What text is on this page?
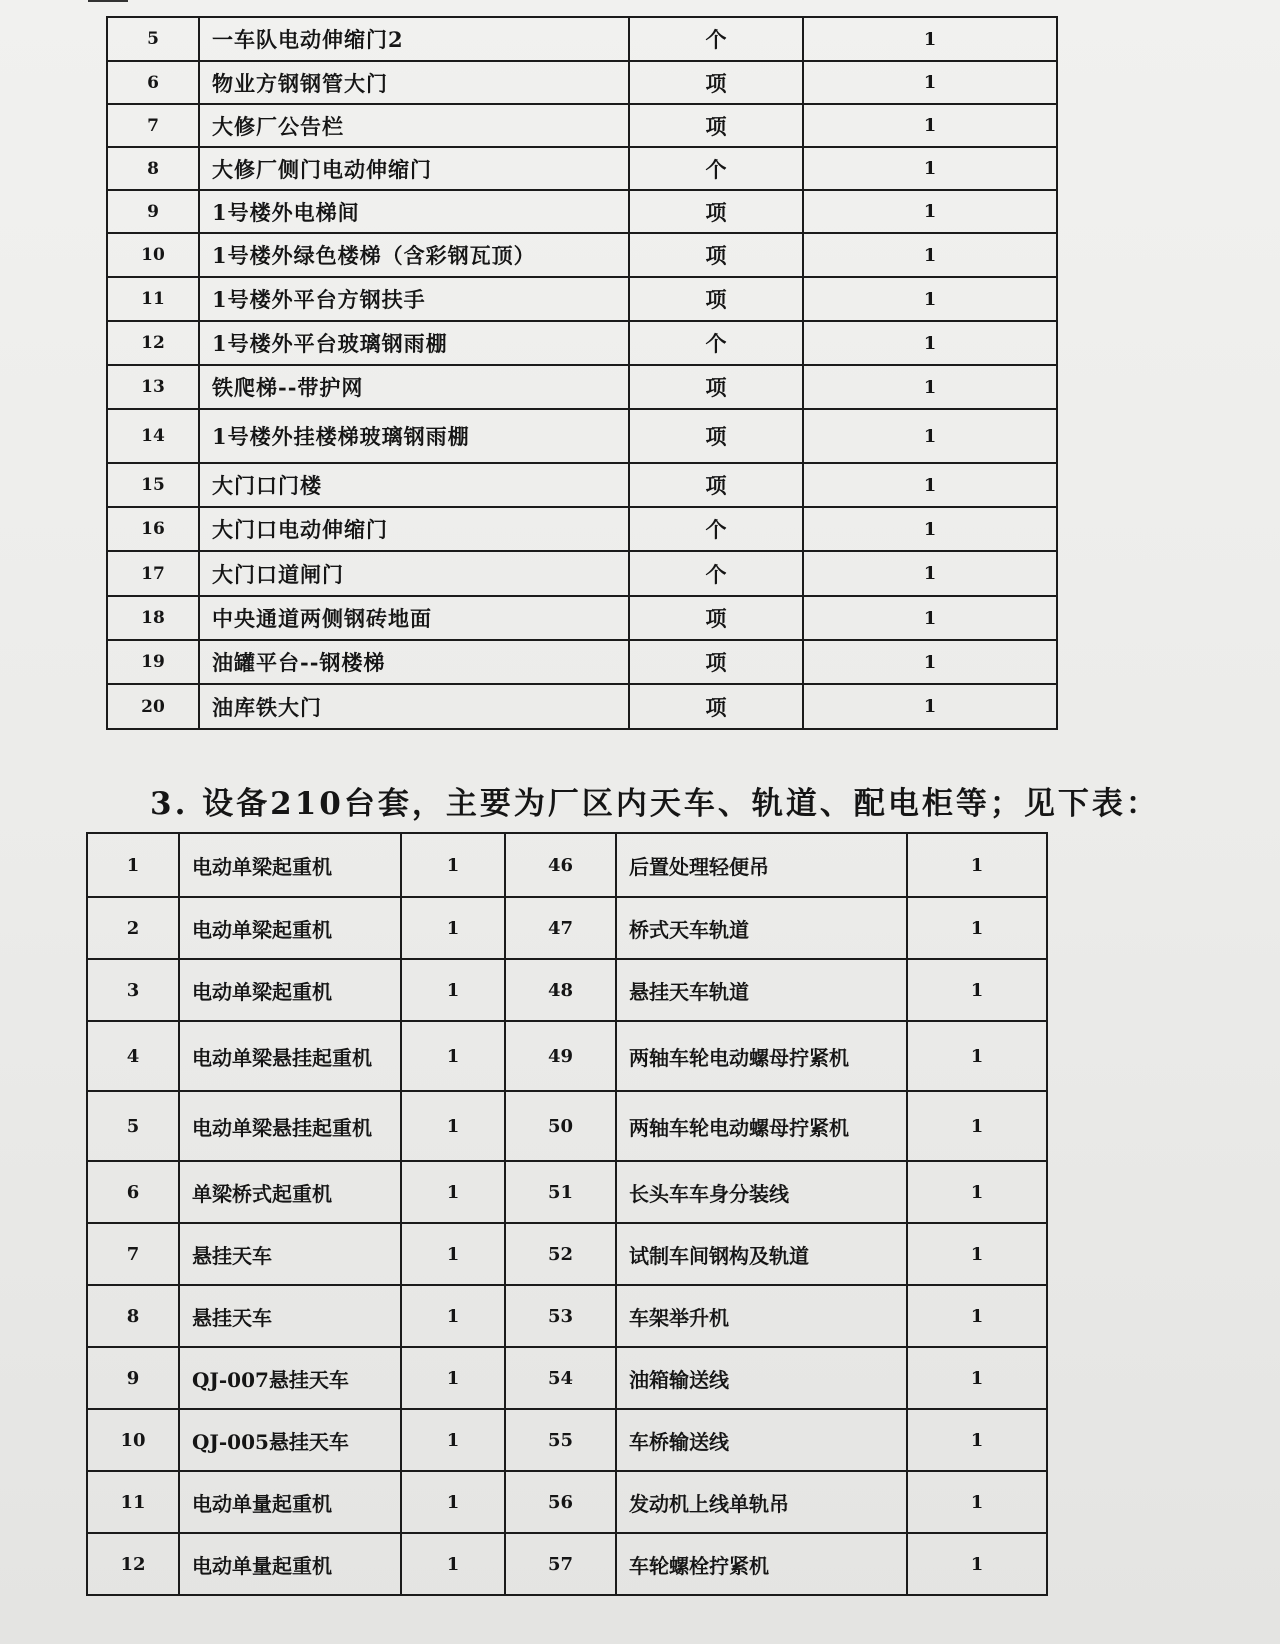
5	一车队电动伸缩门2	个	1
6	物业方钢钢管大门	项	1
7	大修厂公告栏	项	1
8	大修厂侧门电动伸缩门	个	1
9	1号楼外电梯间	项	1
10	1号楼外绿色楼梯（含彩钢瓦顶）	项	1
11	1号楼外平台方钢扶手	项	1
12	1号楼外平台玻璃钢雨棚	个	1
13	铁爬梯--带护网	项	1
14	1号楼外挂楼梯玻璃钢雨棚	项	1
15	大门口门楼	项	1
16	大门口电动伸缩门	个	1
17	大门口道闸门	个	1
18	中央通道两侧钢砖地面	项	1
19	油罐平台--钢楼梯	项	1
20	油库铁大门	项	1
3. 设备210台套，主要为厂区内天车、轨道、配电柜等；见下表：
1	电动单梁起重机	1	46	后置处理轻便吊	1
2	电动单梁起重机	1	47	桥式天车轨道	1
3	电动单梁起重机	1	48	悬挂天车轨道	1
4	电动单梁悬挂起重机	1	49	两轴车轮电动螺母拧紧机	1
5	电动单梁悬挂起重机	1	50	两轴车轮电动螺母拧紧机	1
6	单梁桥式起重机	1	51	长头车车身分装线	1
7	悬挂天车	1	52	试制车间钢构及轨道	1
8	悬挂天车	1	53	车架举升机	1
9	QJ-007悬挂天车	1	54	油箱输送线	1
10	QJ-005悬挂天车	1	55	车桥输送线	1
11	电动单量起重机	1	56	发动机上线单轨吊	1
12	电动单量起重机	1	57	车轮螺栓拧紧机	1
